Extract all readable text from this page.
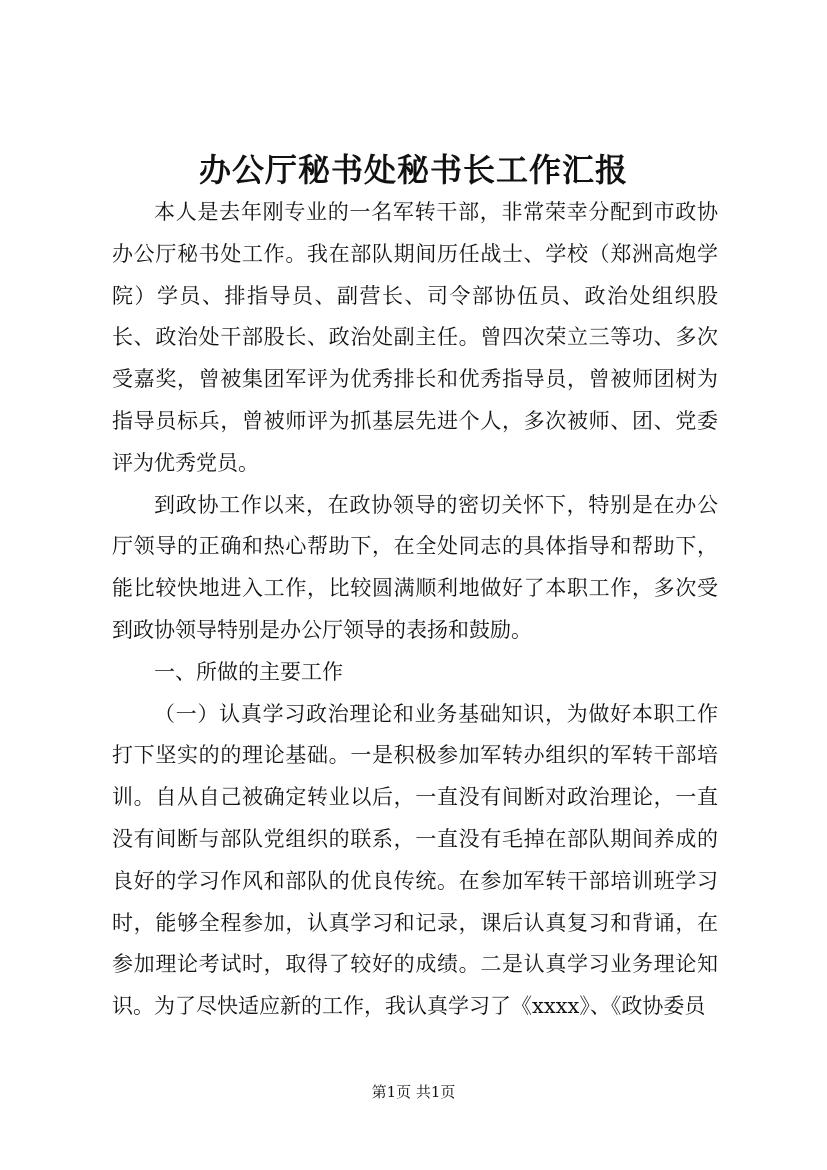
办公厅秘书处秘书长工作汇报

本人是去年刚专业的一名军转干部，非常荣幸分配到市政协办公厅秘书处工作。我在部队期间历任战士、学校（郑洲高炮学院）学员、排指导员、副营长、司令部协伍员、政治处组织股长、政治处干部股长、政治处副主任。曾四次荣立三等功、多次受嘉奖，曾被集团军评为优秀排长和优秀指导员，曾被师团树为指导员标兵，曾被师评为抓基层先进个人，多次被师、团、党委评为优秀党员。

到政协工作以来，在政协领导的密切关怀下，特别是在办公厅领导的正确和热心帮助下，在全处同志的具体指导和帮助下，能比较快地进入工作，比较圆满顺利地做好了本职工作，多次受到政协领导特别是办公厅领导的表扬和鼓励。

一、所做的主要工作

（一）认真学习政治理论和业务基础知识，为做好本职工作打下坚实的的理论基础。一是积极参加军转办组织的军转干部培训。自从自己被确定转业以后，一直没有间断对政治理论，一直没有间断与部队党组织的联系，一直没有毛掉在部队期间养成的良好的学习作风和部队的优良传统。在参加军转干部培训班学习时，能够全程参加，认真学习和记录，课后认真复习和背诵，在参加理论考试时，取得了较好的成绩。二是认真学习业务理论知识。为了尽快适应新的工作，我认真学习了《xxxx》、《政协委员

第1页 共1页
